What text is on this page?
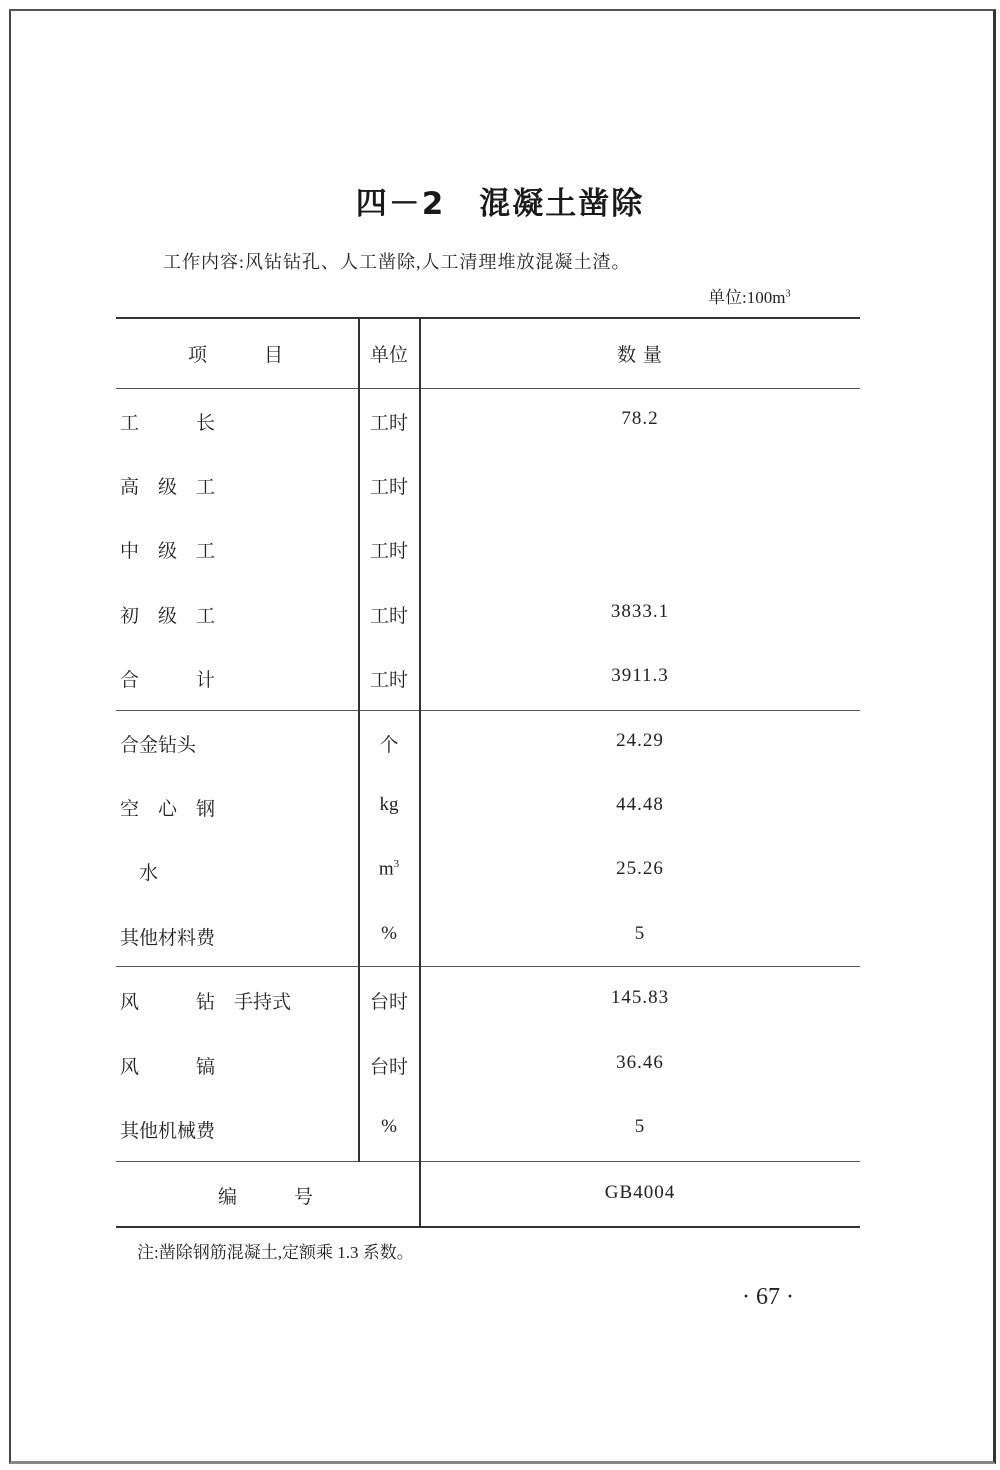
四－2 混凝土凿除
工作内容:风钻钻孔、人工凿除,人工清理堆放混凝土渣。
单位$:100m^3$
项　　　目	单位	数 量
工　　　长	工时	78.2
高　级　工	工时
中　级　工	工时
初　级　工	工时	3833.1
合　　　计	工时	3911.3
合金钻头	个	24.29
空　心　钢	kg	44.48
　水	$m^3$	25.26
其他材料费	%	5
风　　　钻　手持式	台时	145.83
风　　　镐	台时	36.46
其他机械费	%	5
编　　　号	GB4004
注:凿除钢筋混凝土,定额乘 1.3 系数。
· 67 ·
